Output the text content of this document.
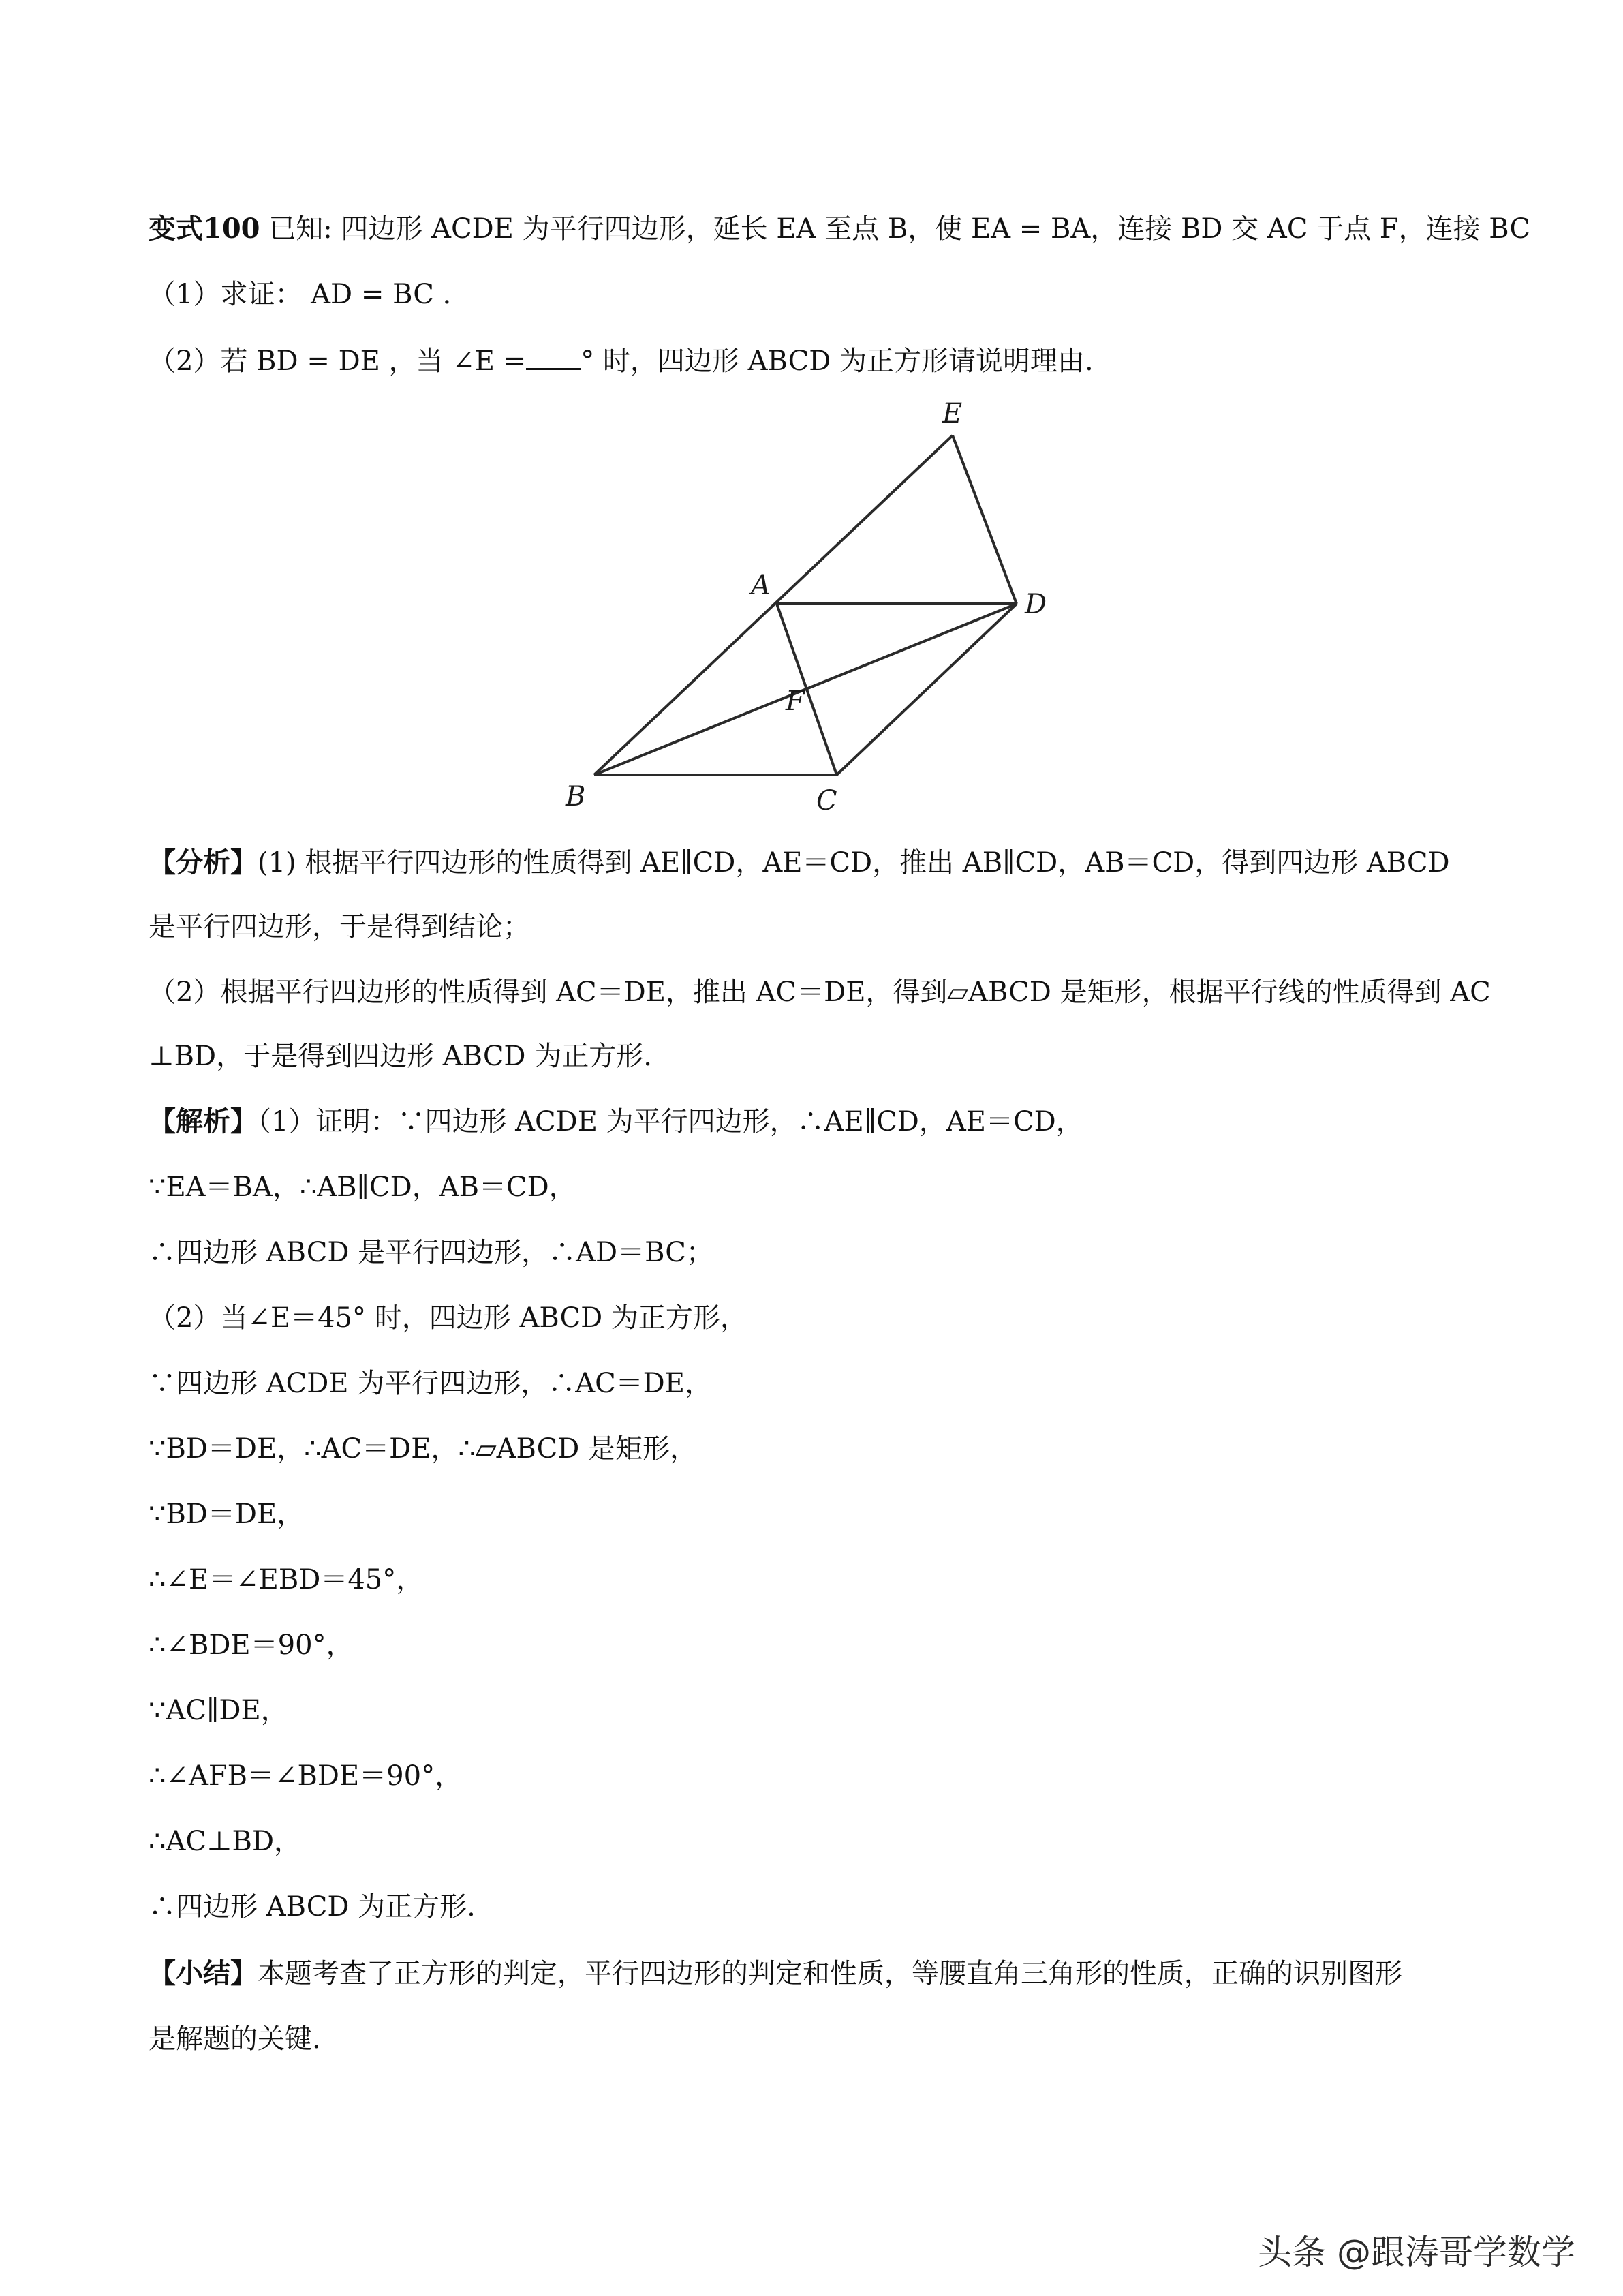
变式100 已知: 四边形 ACDE 为平行四边形，延长 EA 至点 B，使 EA = BA，连接 BD 交 AC 于点 F，连接 BC
（1）求证： AD = BC .
（2）若 BD = DE ，当 ∠E = ° 时，四边形 ABCD 为正方形请说明理由.
E
A
D
F
B	C
【分析】(1) 根据平行四边形的性质得到 AE∥CD，AE＝CD，推出 AB∥CD，AB＝CD，得到四边形 ABCD
是平行四边形，于是得到结论；
（2）根据平行四边形的性质得到 AC＝DE，推出 AC＝DE，得到▱ABCD 是矩形，根据平行线的性质得到 AC
⊥BD，于是得到四边形 ABCD 为正方形.
【解析】（1）证明：∵四边形 ACDE 为平行四边形，∴AE∥CD，AE＝CD，
∵EA＝BA，∴AB∥CD，AB＝CD，
∴四边形 ABCD 是平行四边形，∴AD＝BC；
（2）当∠E＝45° 时，四边形 ABCD 为正方形，
∵四边形 ACDE 为平行四边形，∴AC＝DE，
∵BD＝DE，∴AC＝DE，∴▱ABCD 是矩形，
∵BD＝DE，
∴∠E＝∠EBD＝45°，
∴∠BDE＝90°，
∵AC∥DE，
∴∠AFB＝∠BDE＝90°，
∴AC⊥BD，
∴四边形 ABCD 为正方形.
【小结】本题考查了正方形的判定，平行四边形的判定和性质，等腰直角三角形的性质，正确的识别图形
是解题的关键.
头条 @跟涛哥学数学
